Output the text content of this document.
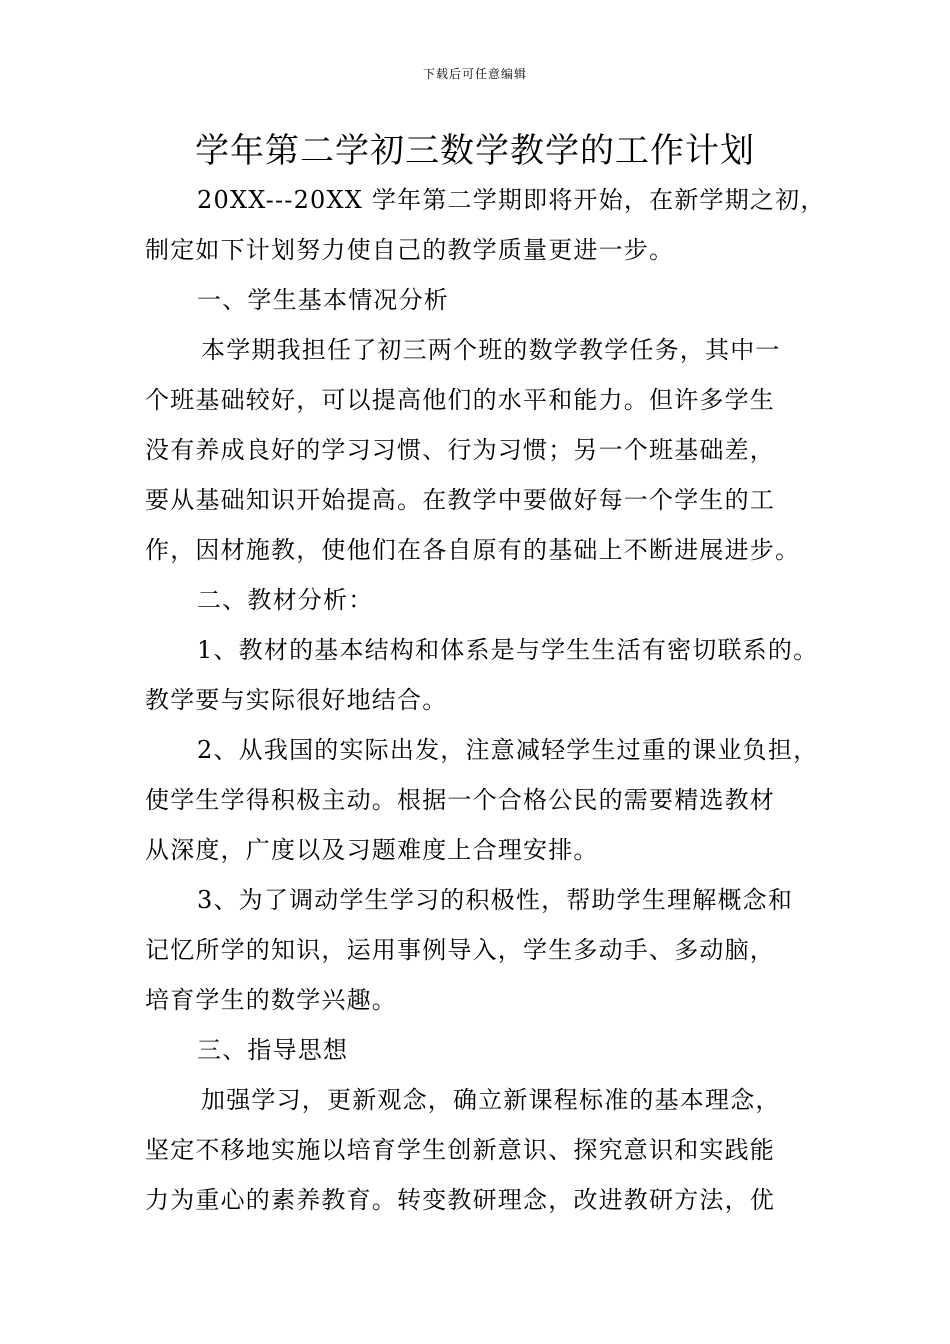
下载后可任意编辑
学年第二学初三数学教学的工作计划
20XX---20XX 学年第二学期即将开始，在新学期之初，
制定如下计划努力使自己的教学质量更进一步。
一、学生基本情况分析
本学期我担任了初三两个班的数学教学任务，其中一
个班基础较好，可以提高他们的水平和能力。但许多学生
没有养成良好的学习习惯、行为习惯；另一个班基础差，
要从基础知识开始提高。在教学中要做好每一个学生的工
作，因材施教，使他们在各自原有的基础上不断进展进步。
二、教材分析：
1、教材的基本结构和体系是与学生生活有密切联系的。
教学要与实际很好地结合。
2、从我国的实际出发，注意减轻学生过重的课业负担，
使学生学得积极主动。根据一个合格公民的需要精选教材
从深度，广度以及习题难度上合理安排。
3、为了调动学生学习的积极性，帮助学生理解概念和
记忆所学的知识，运用事例导入，学生多动手、多动脑，
培育学生的数学兴趣。
三、指导思想
加强学习，更新观念，确立新课程标准的基本理念，
坚定不移地实施以培育学生创新意识、探究意识和实践能
力为重心的素养教育。转变教研理念，改进教研方法，优
